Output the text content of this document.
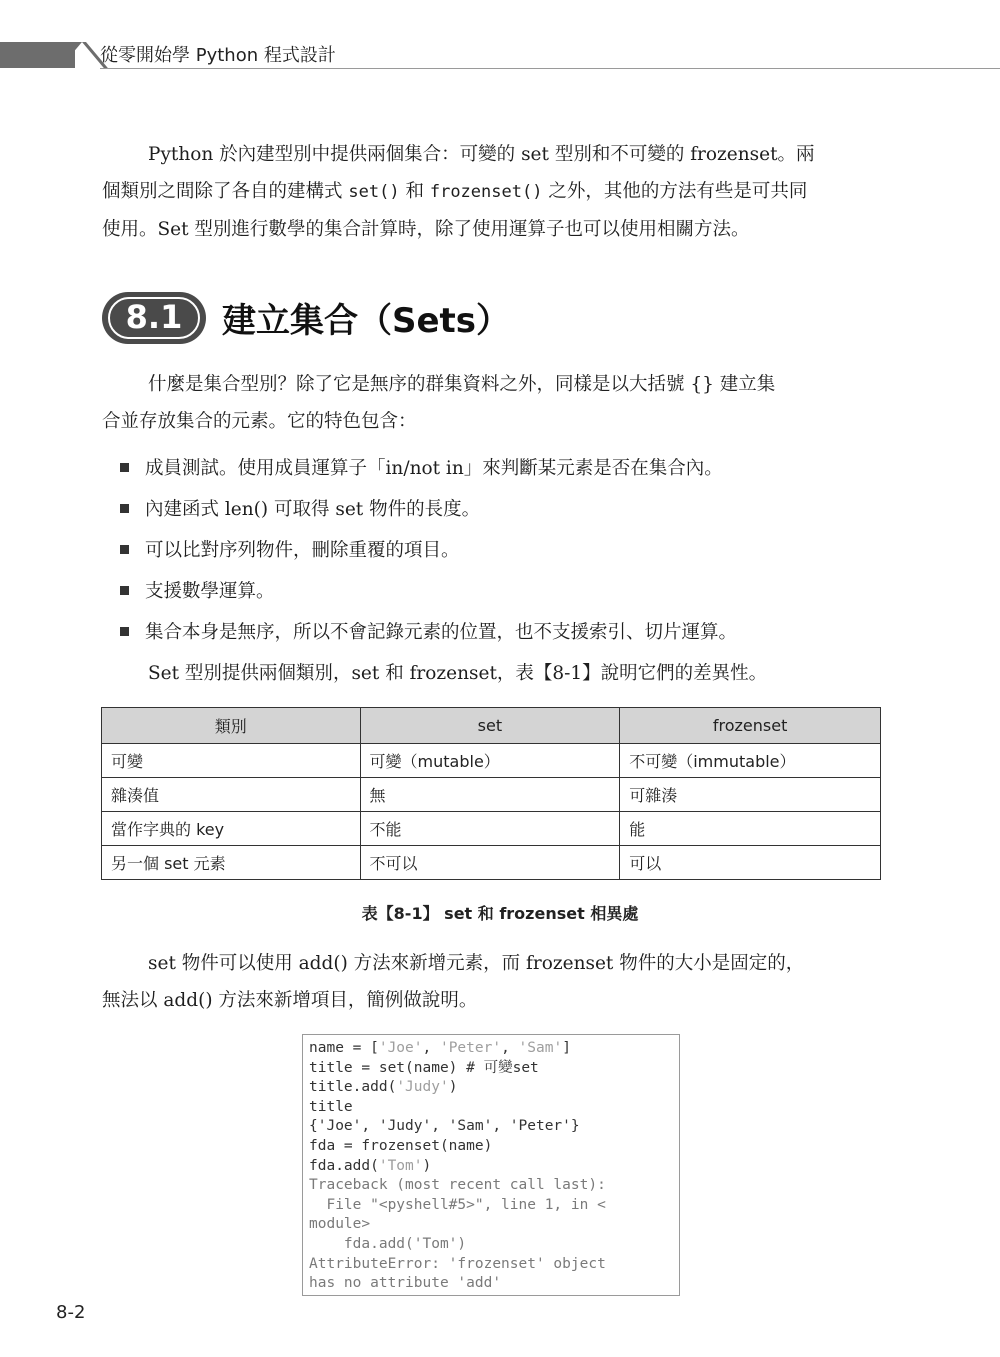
從零開始學 Python 程式設計
Python 於內建型別中提供兩個集合：可變的 set 型別和不可變的 frozenset。兩
個類別之間除了各自的建構式 set() 和 frozenset() 之外，其他的方法有些是可共同
使用。Set 型別進行數學的集合計算時，除了使用運算子也可以使用相關方法。
8.1	建立集合（Sets）
什麼是集合型別？除了它是無序的群集資料之外，同樣是以大括號 {} 建立集
合並存放集合的元素。它的特色包含：
成員測試。使用成員運算子「in/not in」來判斷某元素是否在集合內。
內建函式 len() 可取得 set 物件的長度。
可以比對序列物件，刪除重覆的項目。
支援數學運算。
集合本身是無序，所以不會記錄元素的位置，也不支援索引、切片運算。
Set 型別提供兩個類別，set 和 frozenset，表【8-1】說明它們的差異性。
類別	set	frozenset
可變	可變（mutable）	不可變（immutable）
雜湊值	無	可雜湊
當作字典的 key	不能	能
另一個 set 元素	不可以	可以
表【8-1】 set 和 frozenset 相異處
set 物件可以使用 add() 方法來新增元素，而 frozenset 物件的大小是固定的，
無法以 add() 方法來新增項目，簡例做說明。
name = ['Joe', 'Peter', 'Sam']
title = set(name) # 可變set
title.add('Judy')
title
{'Joe', 'Judy', 'Sam', 'Peter'}
fda = frozenset(name)
fda.add('Tom')
Traceback (most recent call last):
File "<pyshell#5>", line 1, in <
module>
fda.add('Tom')
AttributeError: 'frozenset' object
has no attribute 'add'
8-2
